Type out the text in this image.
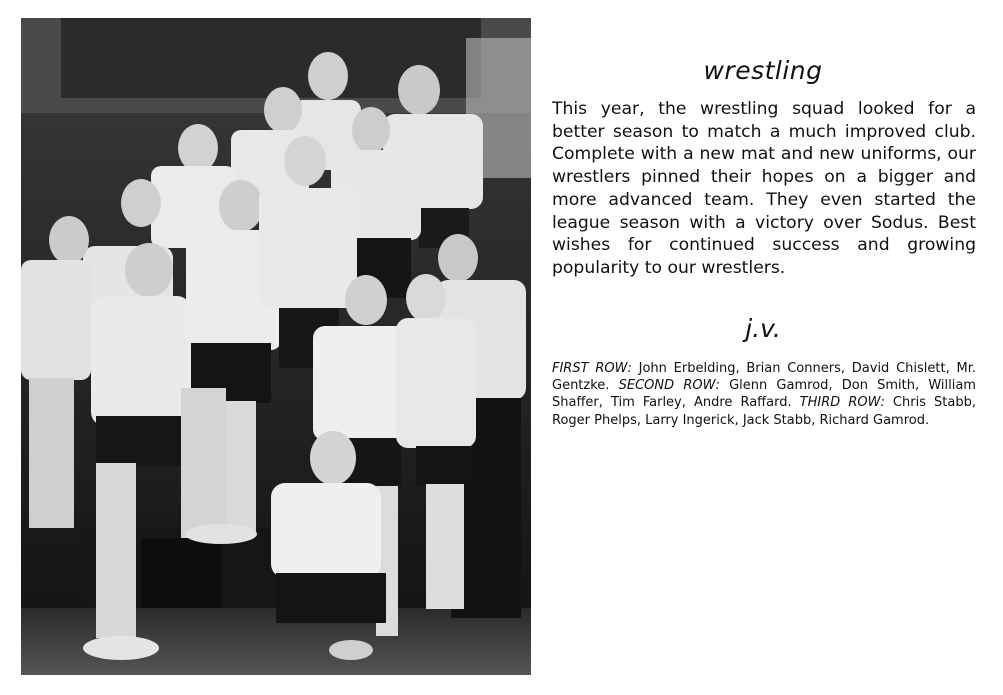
wrestling

This year, the wrestling squad looked for a better season to match a much improved club. Complete with a new mat and new uniforms, our wrestlers pinned their hopes on a bigger and more advanced team. They even started the league season with a victory over Sodus. Best wishes for continued success and growing popularity to our wrestlers.

j.v.

FIRST ROW: John Erbelding, Brian Conners, David Chislett, Mr. Gentzke. SECOND ROW: Glenn Gamrod, Don Smith, William Shaffer, Tim Farley, Andre Raffard. THIRD ROW: Chris Stabb, Roger Phelps, Larry Ingerick, Jack Stabb, Richard Gamrod.
